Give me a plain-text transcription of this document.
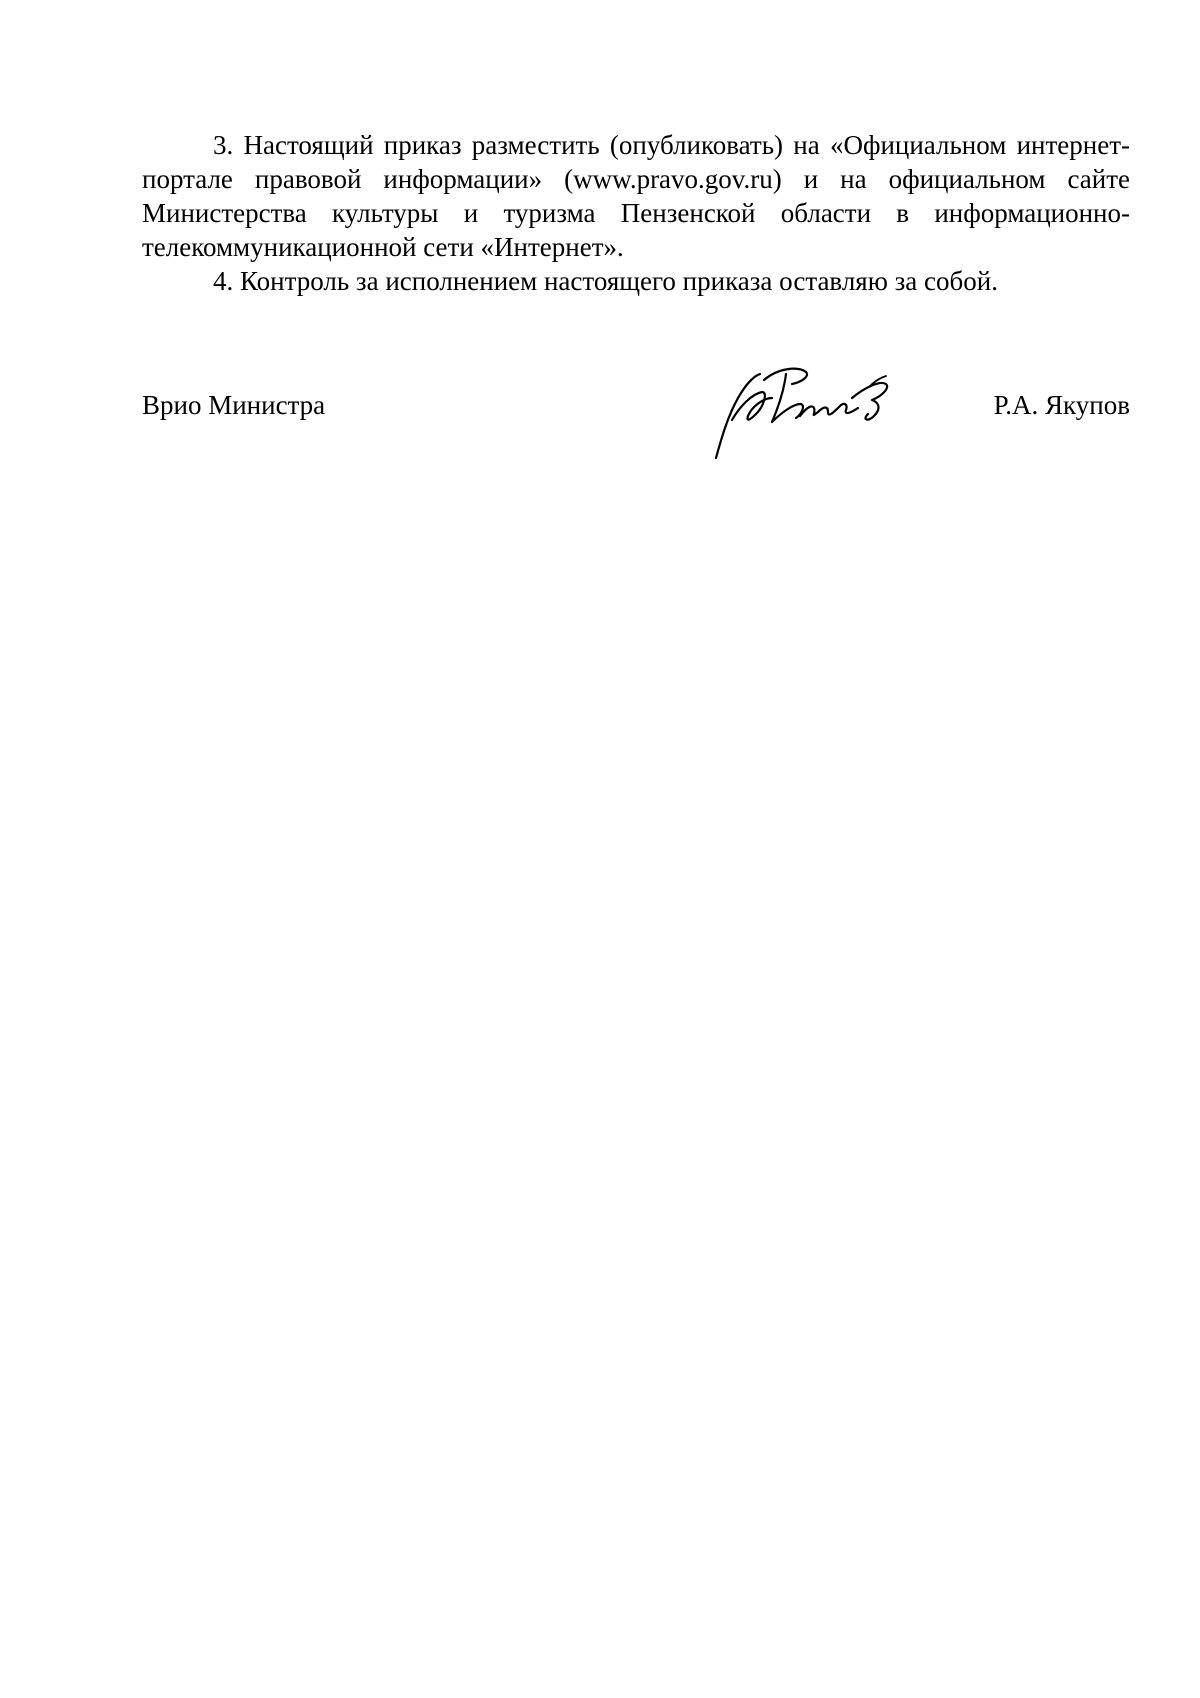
3. Настоящий приказ разместить (опубликовать) на «Официальном интернет-портале правовой информации» (www.pravo.gov.ru) и на официальном сайте Министерства культуры и туризма Пензенской области в информационно-телекоммуникационной сети «Интернет».

4. Контроль за исполнением настоящего приказа оставляю за собой.

Врио Министра	Р.А. Якупов
